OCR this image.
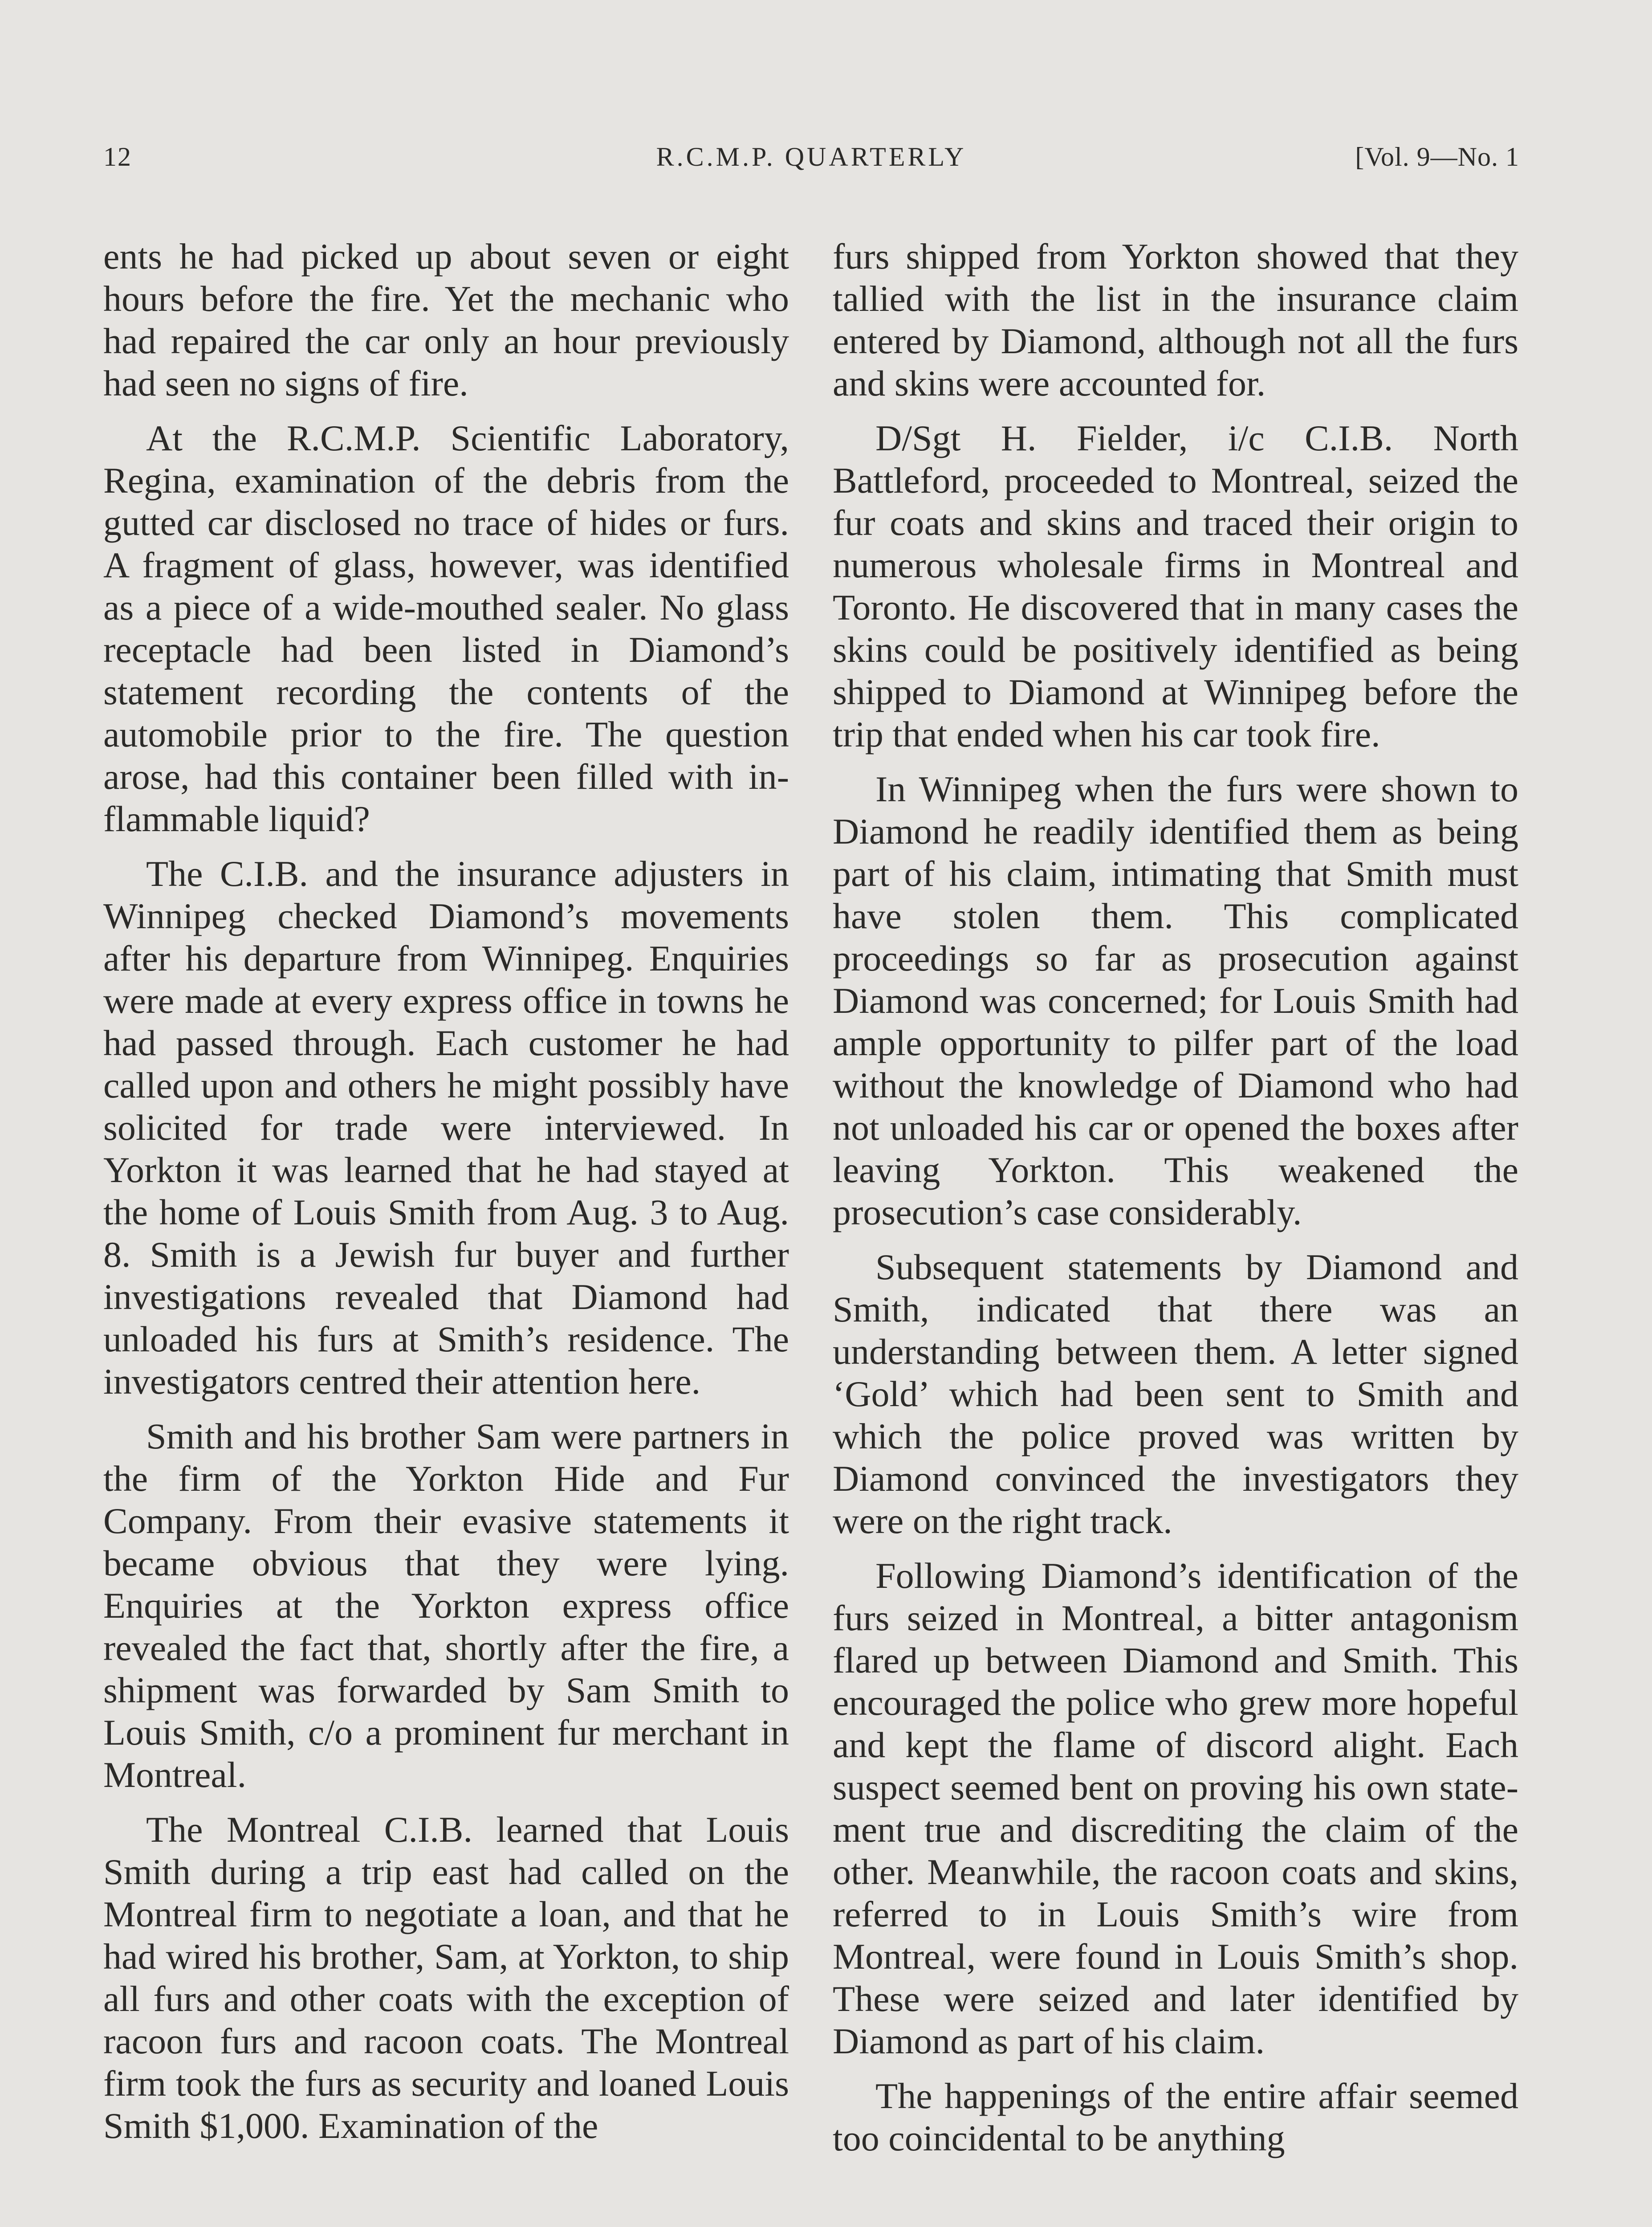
12	R.C.M.P. QUARTERLY	[Vol. 9—No. 1

ents he had picked up about seven or eight hours before the fire. Yet the mechanic who had repaired the car only an hour previously had seen no signs of fire.

At the R.C.M.P. Scientific Laboratory, Regina, examination of the debris from the gutted car disclosed no trace of hides or furs. A fragment of glass, however, was identified as a piece of a wide-mouthed sealer. No glass receptacle had been listed in Diamond’s statement recording the contents of the automobile prior to the fire. The question arose, had this container been filled with inflammable liquid?

The C.I.B. and the insurance adjusters in Winnipeg checked Diamond’s movements after his departure from Winnipeg. Enquiries were made at every express office in towns he had passed through. Each customer he had called upon and others he might possibly have solicited for trade were interviewed. In Yorkton it was learned that he had stayed at the home of Louis Smith from Aug. 3 to Aug. 8. Smith is a Jewish fur buyer and further investigations revealed that Diamond had unloaded his furs at Smith’s residence. The investigators centred their attention here.

Smith and his brother Sam were partners in the firm of the Yorkton Hide and Fur Company. From their evasive statements it became obvious that they were lying. Enquiries at the Yorkton express office revealed the fact that, shortly after the fire, a shipment was forwarded by Sam Smith to Louis Smith, c/o a prominent fur merchant in Montreal.

The Montreal C.I.B. learned that Louis Smith during a trip east had called on the Montreal firm to negotiate a loan, and that he had wired his brother, Sam, at Yorkton, to ship all furs and other coats with the exception of racoon furs and racoon coats. The Montreal firm took the furs as security and loaned Louis Smith $1,000. Examination of the

furs shipped from Yorkton showed that they tallied with the list in the insurance claim entered by Diamond, although not all the furs and skins were accounted for.

D/Sgt H. Fielder, i/c C.I.B. North Battleford, proceeded to Montreal, seized the fur coats and skins and traced their origin to numerous wholesale firms in Montreal and Toronto. He discovered that in many cases the skins could be positively identified as being shipped to Diamond at Winnipeg before the trip that ended when his car took fire.

In Winnipeg when the furs were shown to Diamond he readily identified them as being part of his claim, intimating that Smith must have stolen them. This complicated proceedings so far as prosecution against Diamond was concerned; for Louis Smith had ample opportunity to pilfer part of the load without the knowledge of Diamond who had not unloaded his car or opened the boxes after leaving Yorkton. This weakened the prosecution’s case considerably.

Subsequent statements by Diamond and Smith, indicated that there was an understanding between them. A letter signed ‘Gold’ which had been sent to Smith and which the police proved was written by Diamond convinced the investigators they were on the right track.

Following Diamond’s identification of the furs seized in Montreal, a bitter antagonism flared up between Diamond and Smith. This encouraged the police who grew more hopeful and kept the flame of discord alight. Each suspect seemed bent on proving his own statement true and discrediting the claim of the other. Meanwhile, the racoon coats and skins, referred to in Louis Smith’s wire from Montreal, were found in Louis Smith’s shop. These were seized and later identified by Diamond as part of his claim.

The happenings of the entire affair seemed too coincidental to be anything
